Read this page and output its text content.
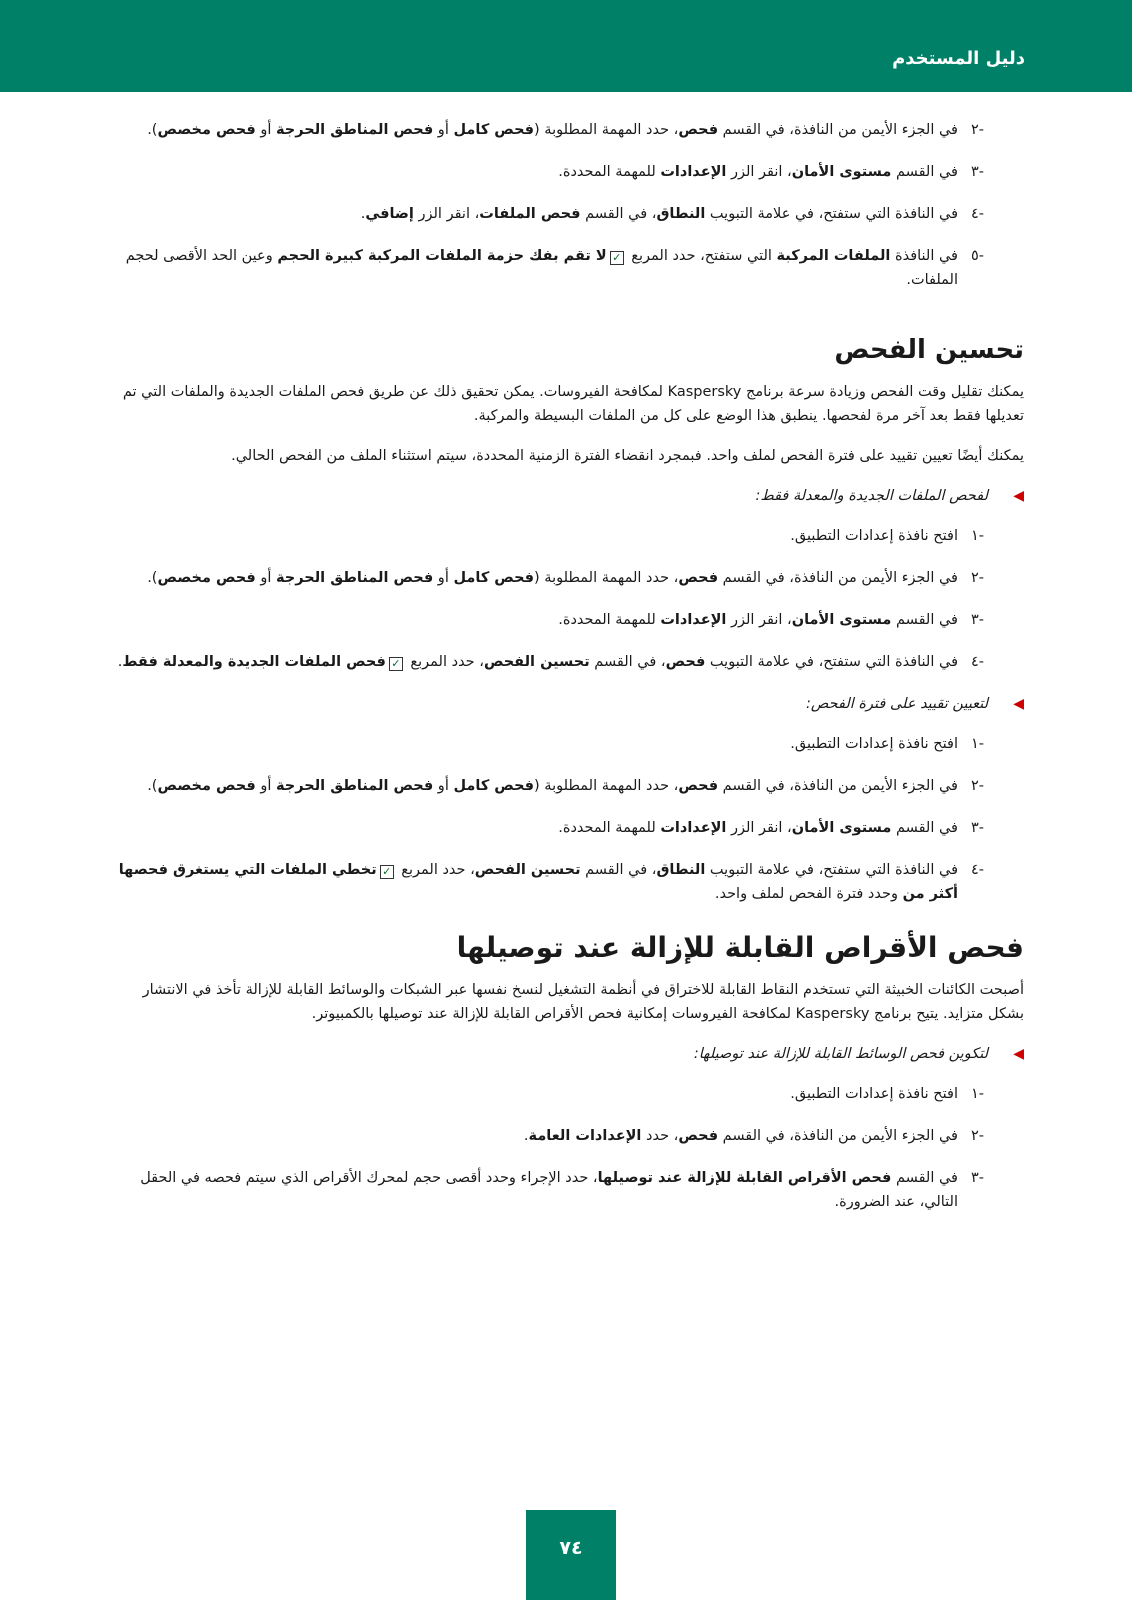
دليل المستخدم
-٢
في الجزء الأيمن من النافذة، في القسم فحص، حدد المهمة المطلوبة (فحص كامل أو فحص المناطق الحرجة أو فحص مخصص).
-٣
في القسم مستوى الأمان، انقر الزر الإعدادات للمهمة المحددة.
-٤
في النافذة التي ستفتح، في علامة التبويب النطاق، في القسم فحص الملفات، انقر الزر إضافي.
-٥
في النافذة الملفات المركبة التي ستفتح، حدد المربع ✓لا تقم بفك حزمة الملفات المركبة كبيرة الحجم وعين الحد الأقصى لحجم الملفات.
تحسين الفحص

يمكنك تقليل وقت الفحص وزيادة سرعة برنامج Kaspersky لمكافحة الفيروسات. يمكن تحقيق ذلك عن طريق فحص الملفات الجديدة والملفات التي تم تعديلها فقط بعد آخر مرة لفحصها. ينطبق هذا الوضع على كل من الملفات البسيطة والمركبة.

يمكنك أيضًا تعيين تقييد على فترة الفحص لملف واحد. فبمجرد انقضاء الفترة الزمنية المحددة، سيتم استثناء الملف من الفحص الحالي.

◀
لفحص الملفات الجديدة والمعدلة فقط:
-١
افتح نافذة إعدادات التطبيق.
-٢
في الجزء الأيمن من النافذة، في القسم فحص، حدد المهمة المطلوبة (فحص كامل أو فحص المناطق الحرجة أو فحص مخصص).
-٣
في القسم مستوى الأمان، انقر الزر الإعدادات للمهمة المحددة.
-٤
في النافذة التي ستفتح، في علامة التبويب فحص، في القسم تحسين الفحص، حدد المربع ✓فحص الملفات الجديدة والمعدلة فقط.
◀
لتعيين تقييد على فترة الفحص:
-١
افتح نافذة إعدادات التطبيق.
-٢
في الجزء الأيمن من النافذة، في القسم فحص، حدد المهمة المطلوبة (فحص كامل أو فحص المناطق الحرجة أو فحص مخصص).
-٣
في القسم مستوى الأمان، انقر الزر الإعدادات للمهمة المحددة.
-٤
في النافذة التي ستفتح، في علامة التبويب النطاق، في القسم تحسين الفحص، حدد المربع ✓تخطي الملفات التي يستغرق فحصها أكثر من وحدد فترة الفحص لملف واحد.
فحص الأقراص القابلة للإزالة عند توصيلها

أصبحت الكائنات الخبيثة التي تستخدم النقاط القابلة للاختراق في أنظمة التشغيل لنسخ نفسها عبر الشبكات والوسائط القابلة للإزالة تأخذ في الانتشار بشكل متزايد. يتيح برنامج Kaspersky لمكافحة الفيروسات إمكانية فحص الأقراص القابلة للإزالة عند توصيلها بالكمبيوتر.

◀
لتكوين فحص الوسائط القابلة للإزالة عند توصيلها:
-١
افتح نافذة إعدادات التطبيق.
-٢
في الجزء الأيمن من النافذة، في القسم فحص، حدد الإعدادات العامة.
-٣
في القسم فحص الأقراص القابلة للإزالة عند توصيلها، حدد الإجراء وحدد أقصى حجم لمحرك الأقراص الذي سيتم فحصه في الحقل التالي، عند الضرورة.
٧٤
